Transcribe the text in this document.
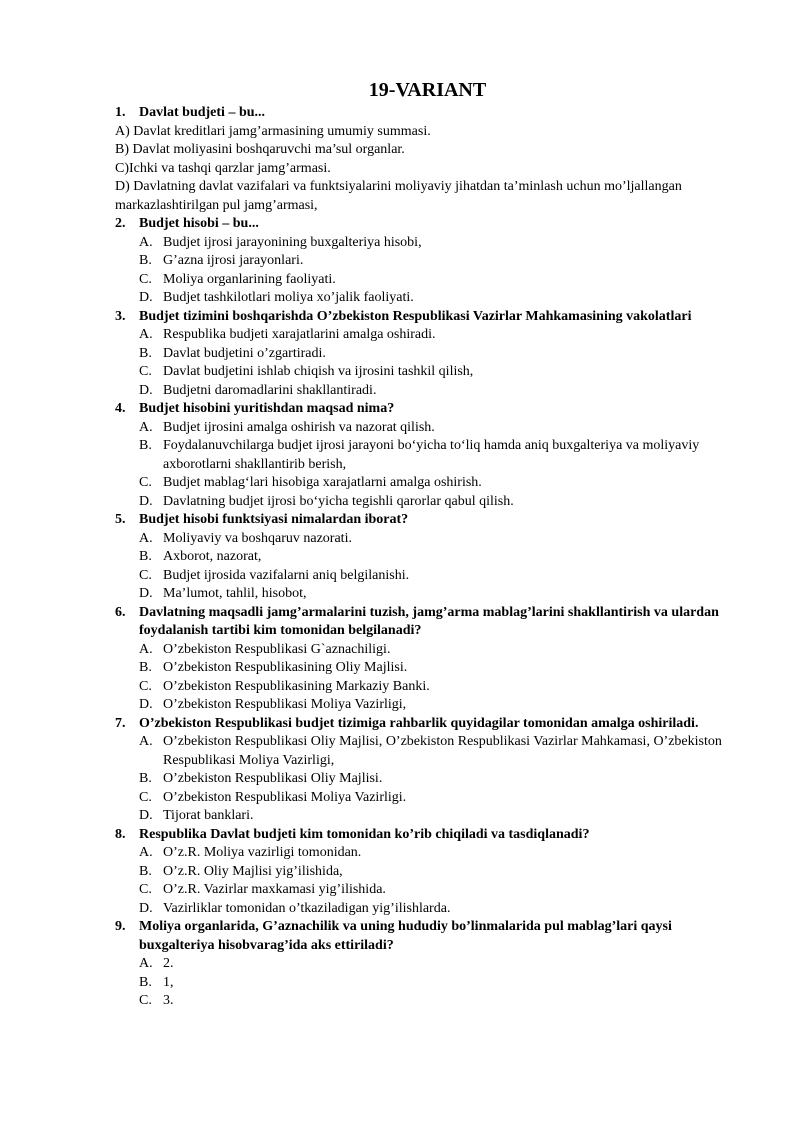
19-VARIANT
1. Davlat budjeti – bu...

A) Davlat kreditlari jamg’armasining umumiy summasi.

B) Davlat moliyasini boshqaruvchi ma’sul organlar.

C)Ichki va tashqi qarzlar jamg’armasi.

D) Davlatning davlat vazifalari va funktsiyalarini moliyaviy jihatdan ta’minlash uchun mo’ljallangan markazlashtirilgan pul jamg’armasi,

2. Budjet hisobi – bu...
A. Budjet ijrosi jarayonining buxgalteriya hisobi,
B. G’azna ijrosi jarayonlari.
C. Moliya organlarining faoliyati.
D. Budjet tashkilotlari moliya xo’jalik faoliyati.
3. Budjet tizimini boshqarishda O’zbekiston Respublikasi Vazirlar Mahkamasining vakolatlari
A. Respublika budjeti xarajatlarini amalga oshiradi.
B. Davlat budjetini o’zgartiradi.
C. Davlat budjetini ishlab chiqish va ijrosini tashkil qilish,
D. Budjetni daromadlarini shakllantiradi.
4. Budjet hisobini yuritishdan maqsad nima?
A. Budjet ijrosini amalga oshirish va nazorat qilish.
B. Foydalanuvchilarga budjet ijrosi jarayoni bo‘yicha to‘liq hamda aniq buxgalteriya va moliyaviy axborotlarni shakllantirib berish,
C. Budjet mablag‘lari hisobiga xarajatlarni amalga oshirish.
D. Davlatning budjet ijrosi bo‘yicha tegishli qarorlar qabul qilish.
5. Budjet hisobi funktsiyasi nimalardan iborat?
A. Moliyaviy va boshqaruv nazorati.
B. Axborot, nazorat,
C. Budjet ijrosida vazifalarni aniq belgilanishi.
D. Ma’lumot, tahlil, hisobot,
6. Davlatning maqsadli jamg’armalarini tuzish, jamg’arma mablag’larini shakllantirish va ulardan foydalanish tartibi kim tomonidan belgilanadi?
A. O’zbekiston Respublikasi G`aznachiligi.
B. O’zbekiston Respublikasining Oliy Majlisi.
C. O’zbekiston Respublikasining Markaziy Banki.
D. O’zbekiston Respublikasi Moliya Vazirligi,
7. O’zbekiston Respublikasi budjet tizimiga rahbarlik quyidagilar tomonidan amalga oshiriladi.
A. O’zbekiston Respublikasi Oliy Majlisi, O’zbekiston Respublikasi Vazirlar Mahkamasi, O’zbekiston Respublikasi Moliya Vazirligi,
B. O’zbekiston Respublikasi Oliy Majlisi.
C. O’zbekiston Respublikasi Moliya Vazirligi.
D. Tijorat banklari.
8. Respublika Davlat budjeti kim tomonidan ko’rib chiqiladi va tasdiqlanadi?
A. O’z.R. Moliya vazirligi tomonidan.
B. O’z.R. Oliy Majlisi yig’ilishida,
C. O’z.R. Vazirlar maxkamasi yig’ilishida.
D. Vazirliklar tomonidan o’tkaziladigan yig’ilishlarda.
9. Moliya organlarida, G’aznachilik va uning hududiy bo’linmalarida pul mablag’lari qaysi buxgalteriya hisobvarag’ida aks ettiriladi?
A. 2.
B. 1,
C. 3.
